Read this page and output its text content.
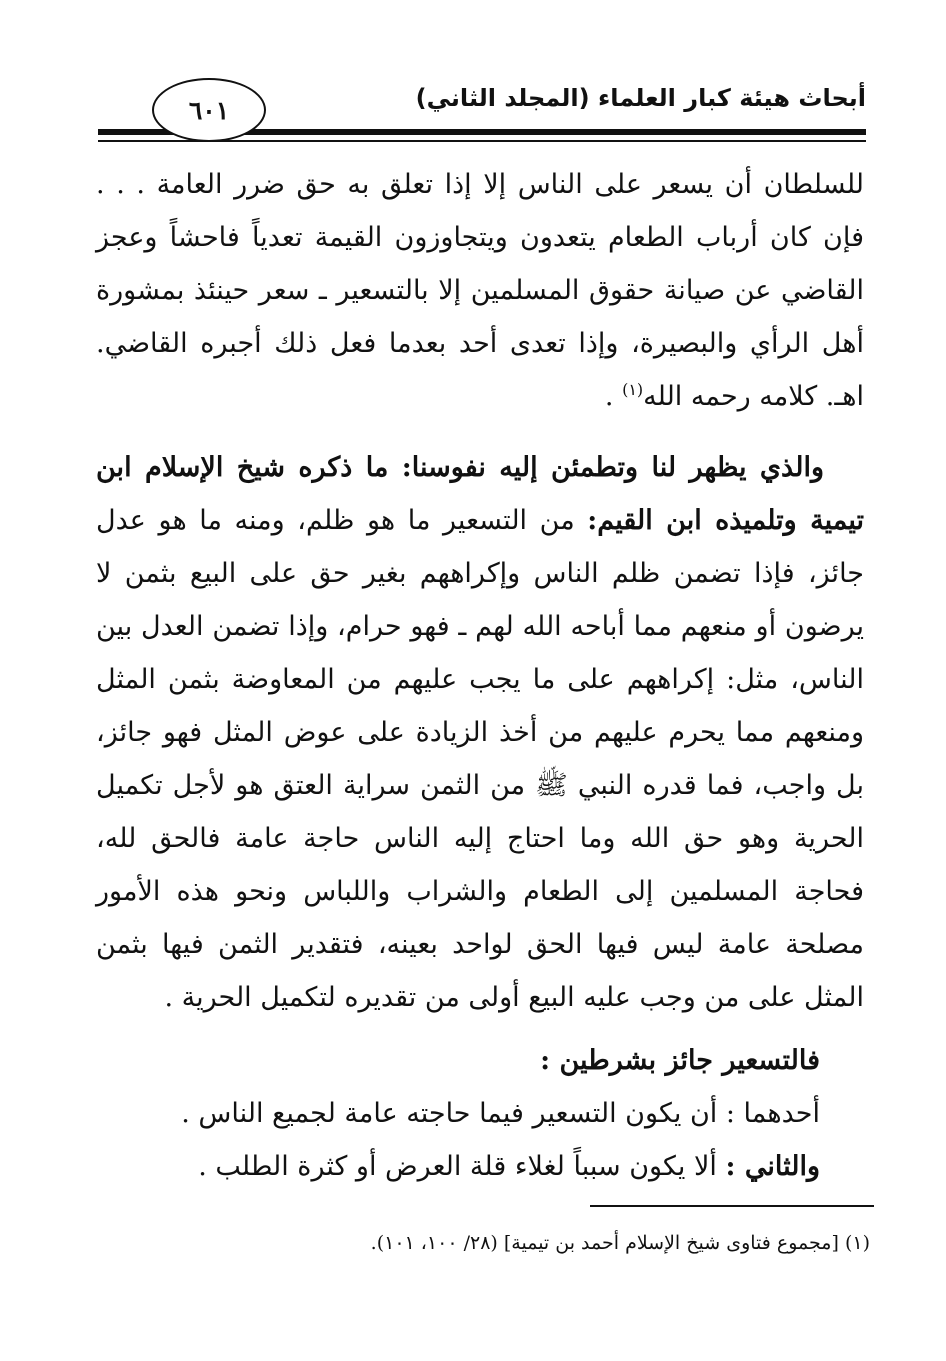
أبحاث هيئة كبار العلماء (المجلد الثاني)
٦٠١

للسلطان أن يسعر على الناس إلا إذا تعلق به حق ضرر العامة . . . فإن كان أرباب الطعام يتعدون ويتجاوزون القيمة تعدياً فاحشاً وعجز القاضي عن صيانة حقوق المسلمين إلا بالتسعير ـ سعر حينئذ بمشورة أهل الرأي والبصيرة، وإذا تعدى أحد بعدما فعل ذلك أجبره القاضي. اهـ. كلامه رحمه الله$^{(١)}$ .

والذي يظهر لنا وتطمئن إليه نفوسنا: ما ذكره شيخ الإسلام ابن تيمية وتلميذه ابن القيم: من التسعير ما هو ظلم، ومنه ما هو عدل جائز، فإذا تضمن ظلم الناس وإكراههم بغير حق على البيع بثمن لا يرضون أو منعهم مما أباحه الله لهم ـ فهو حرام، وإذا تضمن العدل بين الناس، مثل: إكراههم على ما يجب عليهم من المعاوضة بثمن المثل ومنعهم مما يحرم عليهم من أخذ الزيادة على عوض المثل فهو جائز، بل واجب، فما قدره النبي ﷺ من الثمن سراية العتق هو لأجل تكميل الحرية وهو حق الله وما احتاج إليه الناس حاجة عامة فالحق لله، فحاجة المسلمين إلى الطعام والشراب واللباس ونحو هذه الأمور مصلحة عامة ليس فيها الحق لواحد بعينه، فتقدير الثمن فيها بثمن المثل على من وجب عليه البيع أولى من تقديره لتكميل الحرية .

فالتسعير جائز بشرطين :

أحدهما : أن يكون التسعير فيما حاجته عامة لجميع الناس .

والثاني : ألا يكون سبباً لغلاء قلة العرض أو كثرة الطلب .

(١) [مجموع فتاوى شيخ الإسلام أحمد بن تيمية] (٢٨/ ١٠٠، ١٠١).
